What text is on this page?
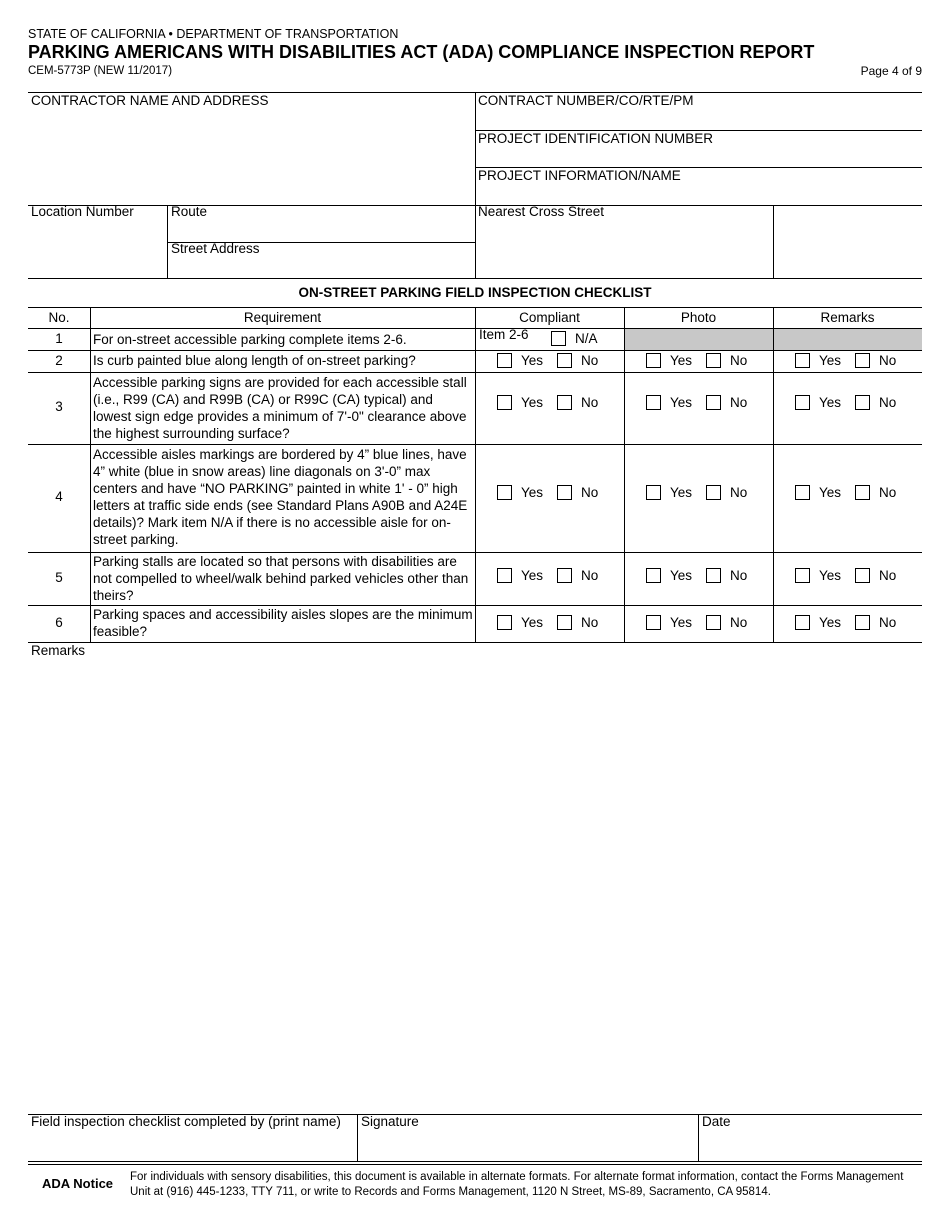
STATE OF CALIFORNIA • DEPARTMENT OF TRANSPORTATION
PARKING AMERICANS WITH DISABILITIES ACT (ADA) COMPLIANCE INSPECTION REPORT
CEM-5773P (NEW 11/2017)	Page 4 of 9
CONTRACTOR NAME AND ADDRESS	CONTRACT NUMBER/CO/RTE/PM
PROJECT IDENTIFICATION NUMBER
PROJECT INFORMATION/NAME
Location Number	Route
Street Address
Nearest Cross Street
ON-STREET PARKING FIELD INSPECTION CHECKLIST
No.	Requirement	Compliant	Photo	Remarks
1	For on-street accessible parking complete items 2-6.	Item 2-6	N/A
2	Is curb painted blue along length of on-street parking?	Yes	No	Yes	No	Yes	No
3
Accessible parking signs are provided for each accessible stall (i.e., R99 (CA) and R99B (CA) or R99C (CA) typical) and lowest sign edge provides a minimum of 7'-0" clearance above the highest surrounding surface?
Yes	No	Yes	No	Yes	No
4
Accessible aisles markings are bordered by 4” blue lines, have 4” white (blue in snow areas) line diagonals on 3'-0” max centers and have “NO PARKING” painted in white 1' - 0” high letters at traffic side ends (see Standard Plans A90B and A24E details)? Mark item N/A if there is no accessible aisle for on-street parking.
Yes	No	Yes	No	Yes	No
5
Parking stalls are located so that persons with disabilities are not compelled to wheel/walk behind parked vehicles other than theirs?
Yes	No	Yes	No	Yes	No
6
Parking spaces and accessibility aisles slopes are the minimum feasible?
Yes	No	Yes	No	Yes	No
Remarks
Field inspection checklist completed by (print name)	Signature	Date
ADA Notice For individuals with sensory disabilities, this document is available in alternate formats. For alternate format information, contact the Forms Management Unit at (916) 445-1233, TTY 711, or write to Records and Forms Management, 1120 N Street, MS-89, Sacramento, CA 95814.
